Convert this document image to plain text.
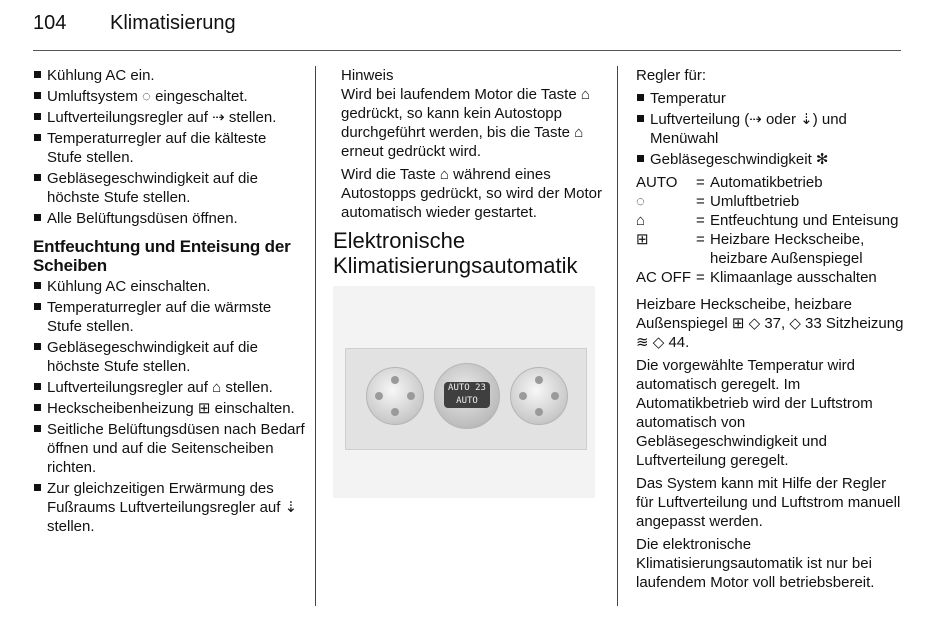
104 Klimatisierung
Kühlung AC ein.
Umluftsystem ◌ eingeschaltet.
Luftverteilungsregler auf ⇢ stellen.
Temperaturregler auf die kälteste Stufe stellen.
Gebläsegeschwindigkeit auf die höchste Stufe stellen.
Alle Belüftungsdüsen öffnen.
Entfeuchtung und Enteisung der Scheiben
Kühlung AC einschalten.
Temperaturregler auf die wärmste Stufe stellen.
Gebläsegeschwindigkeit auf die höchste Stufe stellen.
Luftverteilungsregler auf ⌂ stellen.
Heckscheibenheizung ⊞ einschalten.
Seitliche Belüftungsdüsen nach Bedarf öffnen und auf die Seitenscheiben richten.
Zur gleichzeitigen Erwärmung des Fußraums Luftverteilungsregler auf ⇣ stellen.
Hinweis

Wird bei laufendem Motor die Taste ⌂ gedrückt, so kann kein Autostopp durchgeführt werden, bis die Taste ⌂ erneut gedrückt wird.

Wird die Taste ⌂ während eines Autostopps gedrückt, so wird der Motor automatisch wieder gestartet.

Elektronische Klimatisierungsautomatik
AUTO 23
AUTO

Regler für:

Temperatur
Luftverteilung (⇢ oder ⇣) und Menüwahl
Gebläsegeschwindigkeit ✻
AUTO	= Automatikbetrieb
◌	= Umluftbetrieb
⌂	= Entfeuchtung und Enteisung
⊞	= Heizbare Heckscheibe, heizbare Außenspiegel
AC OFF = Klimaanlage ausschalten

Heizbare Heckscheibe, heizbare Außenspiegel ⊞ ◇ 37, ◇ 33 Sitzheizung ≋ ◇ 44.

Die vorgewählte Temperatur wird automatisch geregelt. Im Automatikbetrieb wird der Luftstrom automatisch von Gebläsegeschwindigkeit und Luftverteilung geregelt.

Das System kann mit Hilfe der Regler für Luftverteilung und Luftstrom manuell angepasst werden.

Die elektronische Klimatisierungsautomatik ist nur bei laufendem Motor voll betriebsbereit.
